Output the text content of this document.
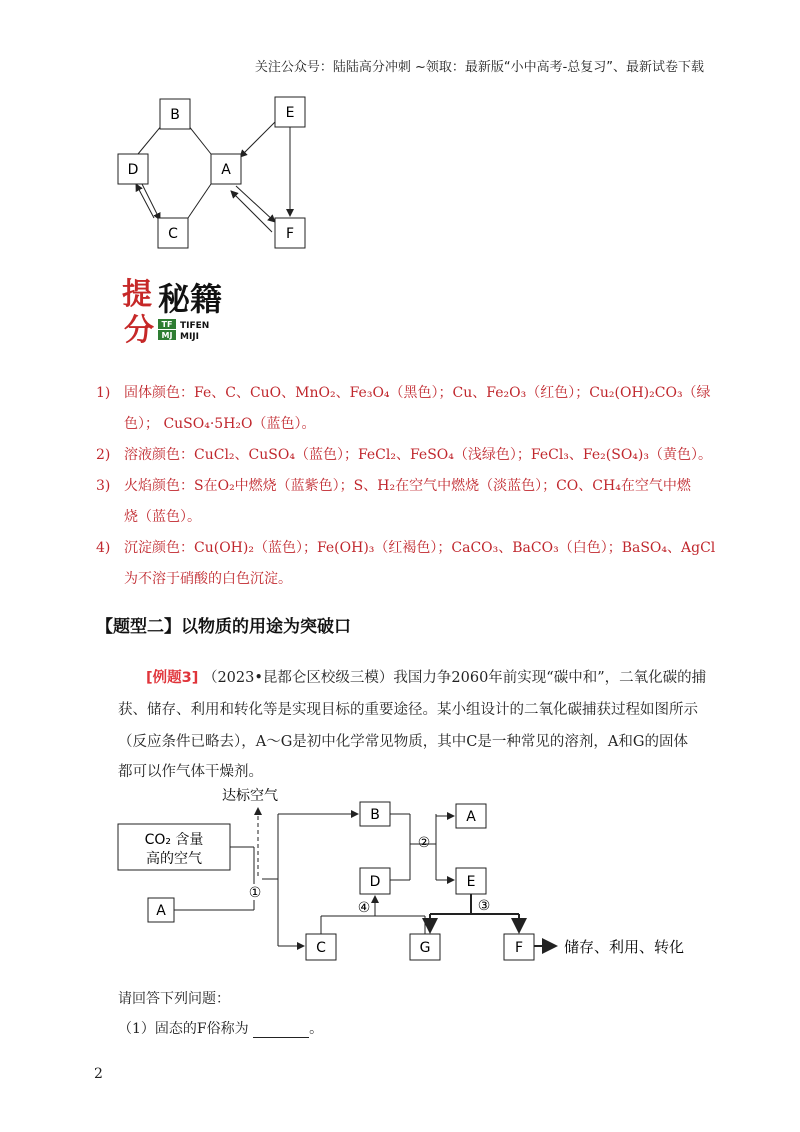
关注公众号：陆陆高分冲刺 ~领取：最新版“小中高考-总复习”、最新试卷下载
B	E
D	A
C	F
提
分
秘籍
TF
MJ
TIFEN
MIJI
1) 固体颜色：Fe、C、CuO、MnO₂、Fe₃O₄（黑色）；Cu、Fe₂O₃（红色）；Cu₂(OH)₂CO₃（绿
色）； CuSO₄·5H₂O（蓝色）。
2) 溶液颜色：CuCl₂、CuSO₄（蓝色）；FeCl₂、FeSO₄（浅绿色）；FeCl₃、Fe₂(SO₄)₃（黄色）。
3) 火焰颜色：S在O₂中燃烧（蓝紫色）；S、H₂在空气中燃烧（淡蓝色）；CO、CH₄在空气中燃
烧（蓝色）。
4) 沉淀颜色：Cu(OH)₂（蓝色）；Fe(OH)₃（红褐色）；CaCO₃、BaCO₃（白色）；BaSO₄、AgCl
为不溶于硝酸的白色沉淀。
【题型二】以物质的用途为突破口
[例题3] （2023•昆都仑区校级三模）我国力争2060年前实现“碳中和”，二氧化碳的捕
获、储存、利用和转化等是实现目标的重要途径。某小组设计的二氧化碳捕获过程如图所示
（反应条件已略去），A～G是初中化学常见物质，其中C是一种常见的溶剂，A和G的固体
都可以作气体干燥剂。
CO₂ 含量
高的空气
A
B
D
A
E
C	G	F
①
达标空气
②
④	③
储存、利用、转化
请回答下列问题：
（1）固态的F俗称为	。
2
